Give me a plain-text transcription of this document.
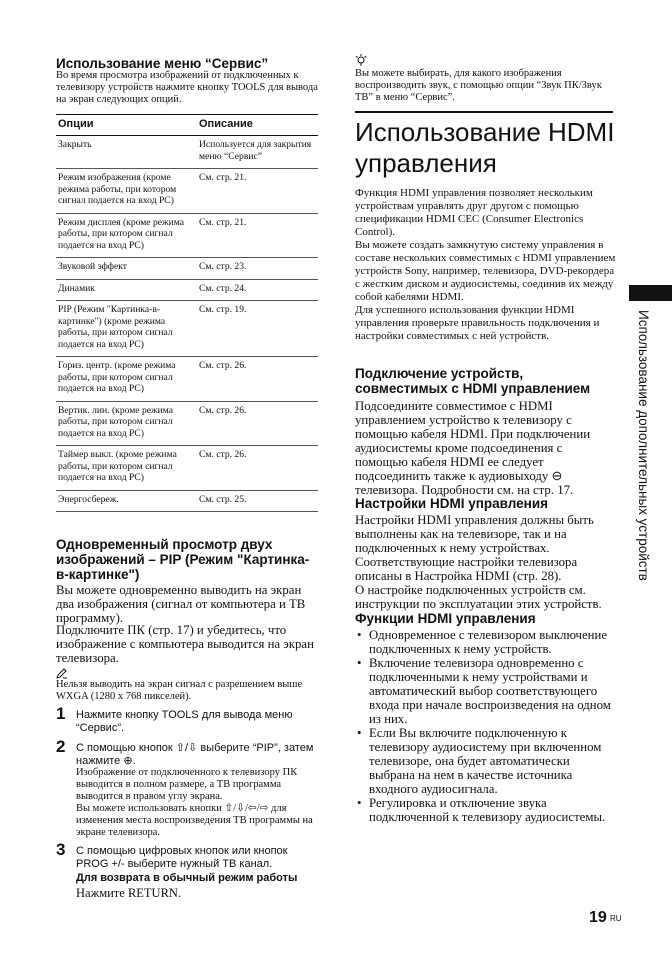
Использование меню “Сервис”
Во время просмотра изображений от подключенных к телевизору устройств нажмите кнопку TOOLS для вывода на экран следующих опций.
Опции	Описание
Закрыть	Используется для закрытия меню “Сервис”
Режим изображения (кроме режима работы, при котором сигнал подается на вход PC)	См. стр. 21.
Режим дисплея (кроме режима работы, при котором сигнал подается на вход PC)	См. стр. 21.
Звуковой эффект	См. стр. 23.
Динамик	См. стр. 24.
PIP (Режим "Картинка-в-картинке") (кроме режима работы, при котором сигнал подается на вход PC)	См. стр. 19.
Гориз. центр. (кроме режима работы, при котором сигнал подается на вход PC)	См. стр. 26.
Вертик. лин. (кроме режима работы, при котором сигнал подается на вход PC)	См. стр. 26.
Таймер выкл. (кроме режима работы, при котором сигнал подается на вход PC)	См. стр. 26.
Энергосбереж.	См. стр. 25.
Одновременный просмотр двух изображений – PIP (Режим "Картинка-в-картинке")
Вы можете одновременно выводить на экран два изображения (сигнал от компьютера и ТВ программу).
Подключите ПК (стр. 17) и убедитесь, что изображение с компьютера выводится на экран телевизора.
Нельзя выводить на экран сигнал с разрешением выше WXGA (1280 x 768 пикселей).
1 Нажмите кнопку TOOLS для вывода меню “Сервис”.
2 С помощью кнопок ⇧/⇩ выберите “PIP”, затем нажмите ⊕.
Изображение от подключенного к телевизору ПК выводится в полном размере, а ТВ программа выводится в правом углу экрана.
Вы можете использовать кнопки ⇧/⇩/⇦/⇨ для изменения места воспроизведения ТВ программы на экране телевизора.
3 С помощью цифровых кнопок или кнопок PROG +/- выберите нужный ТВ канал.
Для возврата в обычный режим работы
Нажмите RETURN.
Вы можете выбирать, для какого изображения воспроизводить звук, с помощью опции “Звук ПК/Звук ТВ” в меню “Сервис”.
Использование HDMI управления
Функция HDMI управления позволяет нескольким устройствам управлять друг другом с помощью спецификации HDMI CEC (Consumer Electronics Control).
Вы можете создать замкнутую систему управления в составе нескольких совместимых с HDMI управлением устройств Sony, например, телевизора, DVD-рекордера с жестким диском и аудиосистемы, соединив их между собой кабелями HDMI.
Для успешного использования функции HDMI управления проверьте правильность подключения и настройки совместимых с ней устройств.
Подключение устройств, совместимых с HDMI управлением
Подсоедините совместимое с HDMI управлением устройство к телевизору с помощью кабеля HDMI. При подключении аудиосистемы кроме подсоединения с помощью кабеля HDMI ее следует подсоединить также к аудиовыходу ⊖ телевизора. Подробности см. на стр. 17.
Настройки HDMI управления
Настройки HDMI управления должны быть выполнены как на телевизоре, так и на подключенных к нему устройствах. Соответствующие настройки телевизора описаны в Настройка HDMI (стр. 28).
О настройке подключенных устройств см. инструкции по эксплуатации этих устройств.
Функции HDMI управления
• Одновременное с телевизором выключение подключенных к нему устройств.
• Включение телевизора одновременно с подключенными к нему устройствами и автоматический выбор соответствующего входа при начале воспроизведения на одном из них.
• Если Вы включите подключенную к телевизору аудиосистему при включенном телевизоре, она будет автоматически выбрана на нем в качестве источника входного аудиосигнала.
• Регулировка и отключение звука подключенной к телевизору аудиосистемы.
Использование дополнительных устройств
19 RU
